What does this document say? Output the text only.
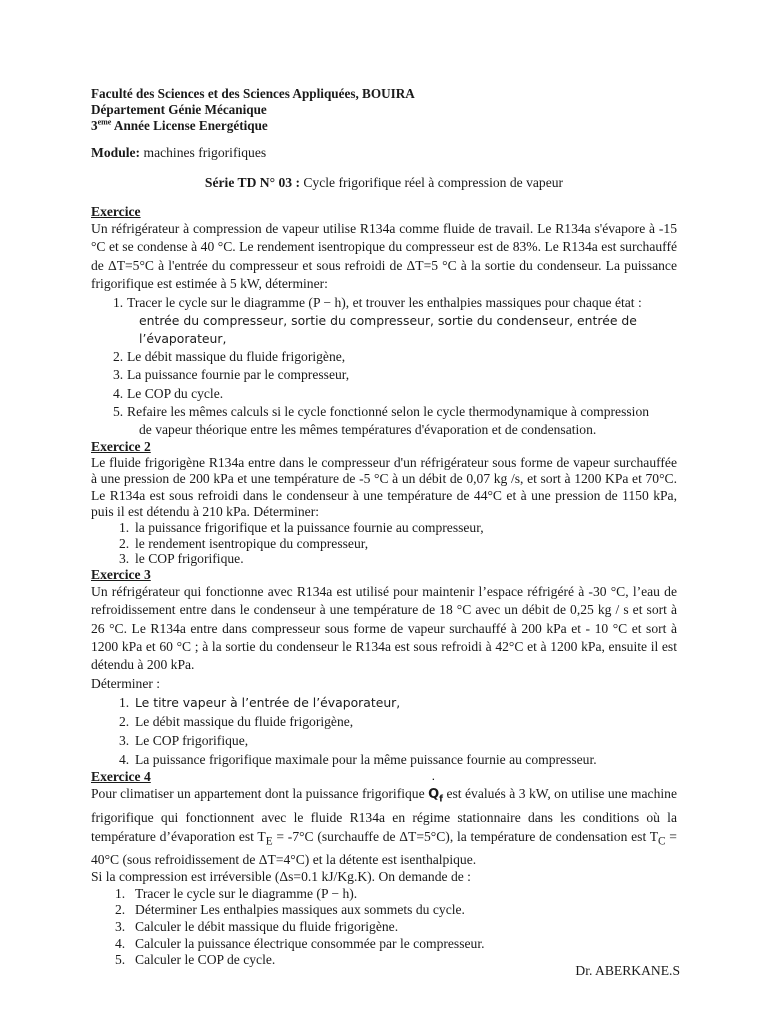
Faculté des Sciences et des Sciences Appliquées, BOUIRA
Département Génie Mécanique
3eme Année License Energétique
Module: machines frigorifiques
Série TD N° 03 : Cycle frigorifique réel à compression de vapeur
Exercice

Un réfrigérateur à compression de vapeur utilise R134a comme fluide de travail. Le R134a s'évapore à -15 °C et se condense à 40 °C. Le rendement isentropique du compresseur est de 83%. Le R134a est surchauffé de ΔT=5°C à l'entrée du compresseur et sous refroidi de ΔT=5 °C à la sortie du condenseur. La puissance frigorifique est estimée à 5 kW, déterminer:

1. Tracer le cycle sur le diagramme (P − h), et trouver les enthalpies massiques pour chaque état :
entrée du compresseur, sortie du compresseur, sortie du condenseur, entrée de l’évaporateur,
2. Le débit massique du fluide frigorigène,
3. La puissance fournie par le compresseur,
4. Le COP du cycle.
5. Refaire les mêmes calculs si le cycle fonctionné selon le cycle thermodynamique à compression
de vapeur théorique entre les mêmes températures d'évaporation et de condensation.
Exercice 2

Le fluide frigorigène R134a entre dans le compresseur d'un réfrigérateur sous forme de vapeur surchauffée à une pression de 200 kPa et une température de -5 °C à un débit de 0,07 kg /s, et sort à 1200 KPa et 70°C. Le R134a est sous refroidi dans le condenseur à une température de 44°C et à une pression de 1150 kPa, puis il est détendu à 210 kPa. Déterminer:

1. la puissance frigorifique et la puissance fournie au compresseur,
2. le rendement isentropique du compresseur,
3. le COP frigorifique.
Exercice 3

Un réfrigérateur qui fonctionne avec R134a est utilisé pour maintenir l’espace réfrigéré à -30 °C, l’eau de refroidissement entre dans le condenseur à une température de 18 °C avec un débit de 0,25 kg / s et sort à 26 °C. Le R134a entre dans compresseur sous forme de vapeur surchauffé à 200 kPa et - 10 °C et sort à 1200 kPa et 60 °C ; à la sortie du condenseur le R134a est sous refroidi à 42°C et à 1200 kPa, ensuite il est détendu à 200 kPa.

Déterminer :
1. Le titre vapeur à l’entrée de l’évaporateur,
2. Le débit massique du fluide frigorigène,
3. Le COP frigorifique,
4. La puissance frigorifique maximale pour la même puissance fournie au compresseur.
Exercice 4

Pour climatiser un appartement dont la puissance frigorifique ˙ $Q_f$ est évalués à 3 kW, on utilise une machine frigorifique qui fonctionnent avec le fluide R134a en régime stationnaire dans les conditions où la température d’évaporation est $T_E = -7^\circ C$ (surchauffe de ΔT=5°C), la température de condensation est $T_C = 40^\circ C$ (sous refroidissement de ΔT=4°C) et la détente est isenthalpique.

Si la compression est irréversible (Δs=0.1 kJ/Kg.K). On demande de :
1. Tracer le cycle sur le diagramme (P − h).
2. Déterminer Les enthalpies massiques aux sommets du cycle.
3. Calculer le débit massique du fluide frigorigène.
4. Calculer la puissance électrique consommée par le compresseur.
5. Calculer le COP de cycle.
Dr. ABERKANE.S
